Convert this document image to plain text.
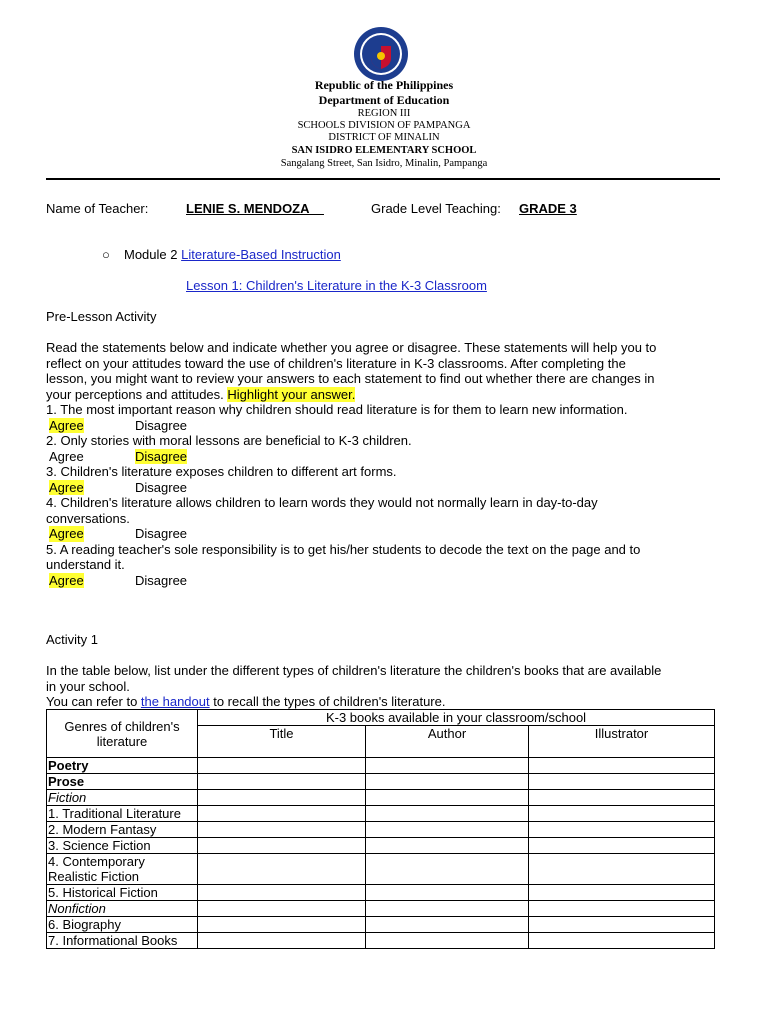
Republic of the Philippines
Department of Education
REGION III
SCHOOLS DIVISION OF PAMPANGA
DISTRICT OF MINALIN
SAN ISIDRO ELEMENTARY SCHOOL
Sangalang Street, San Isidro, Minalin, Pampanga
Name of Teacher:	LENIE S. MENDOZA	Grade Level Teaching: GRADE 3
○ Module 2 Literature-Based Instruction
Lesson 1: Children's Literature in the K-3 Classroom
Pre-Lesson Activity
Read the statements below and indicate whether you agree or disagree. These statements will help you to
reflect on your attitudes toward the use of children's literature in K-3 classrooms. After completing the
lesson, you might want to review your answers to each statement to find out whether there are changes in
your perceptions and attitudes. Highlight your answer.
1. The most important reason why children should read literature is for them to learn new information.
Agree	Disagree
2. Only stories with moral lessons are beneficial to K-3 children.
Agree	Disagree
3. Children's literature exposes children to different art forms.
Agree	Disagree
4. Children's literature allows children to learn words they would not normally learn in day-to-day
conversations.
Agree	Disagree
5. A reading teacher's sole responsibility is to get his/her students to decode the text on the page and to
understand it.
Agree	Disagree
Activity 1
In the table below, list under the different types of children's literature the children's books that are available
in your school.
You can refer to the handout to recall the types of children's literature.
Genres of children's literature	K-3 books available in your classroom/school		
	Title	Author	Illustrator
Poetry			
Prose			
Fiction			
1. Traditional Literature			
2. Modern Fantasy			
3. Science Fiction			
4. Contemporary Realistic Fiction			
5. Historical Fiction			
Nonfiction			
6. Biography			
7. Informational Books			
